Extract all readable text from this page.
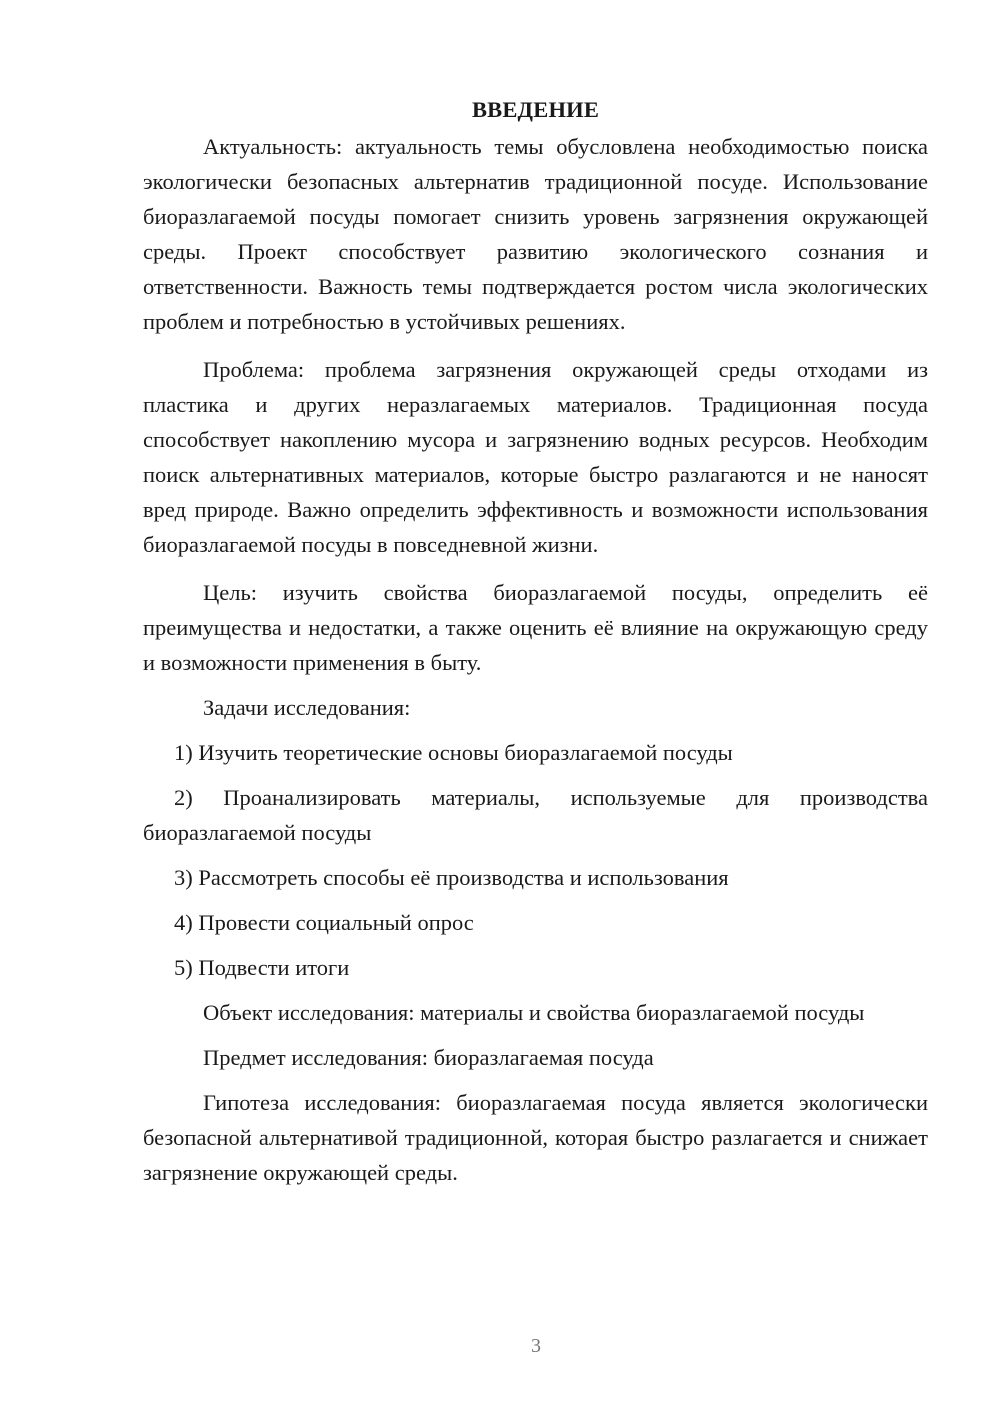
ВВЕДЕНИЕ

Актуальность: актуальность темы обусловлена необходимостью поиска экологически безопасных альтернатив традиционной посуде. Использование биоразлагаемой посуды помогает снизить уровень загрязнения окружающей среды. Проект способствует развитию экологического сознания и ответственности. Важность темы подтверждается ростом числа экологических проблем и потребностью в устойчивых решениях.

Проблема: проблема загрязнения окружающей среды отходами из пластика и других неразлагаемых материалов. Традиционная посуда способствует накоплению мусора и загрязнению водных ресурсов. Необходим поиск альтернативных материалов, которые быстро разлагаются и не наносят вред природе. Важно определить эффективность и возможности использования биоразлагаемой посуды в повседневной жизни.

Цель: изучить свойства биоразлагаемой посуды, определить её преимущества и недостатки, а также оценить её влияние на окружающую среду и возможности применения в быту.

Задачи исследования:

1) Изучить теоретические основы биоразлагаемой посуды

2) Проанализировать материалы, используемые для производства биоразлагаемой посуды

3) Рассмотреть способы её производства и использования

4) Провести социальный опрос

5) Подвести итоги

Объект исследования: материалы и свойства биоразлагаемой посуды

Предмет исследования: биоразлагаемая посуда

Гипотеза исследования: биоразлагаемая посуда является экологически безопасной альтернативой традиционной, которая быстро разлагается и снижает загрязнение окружающей среды.

3
